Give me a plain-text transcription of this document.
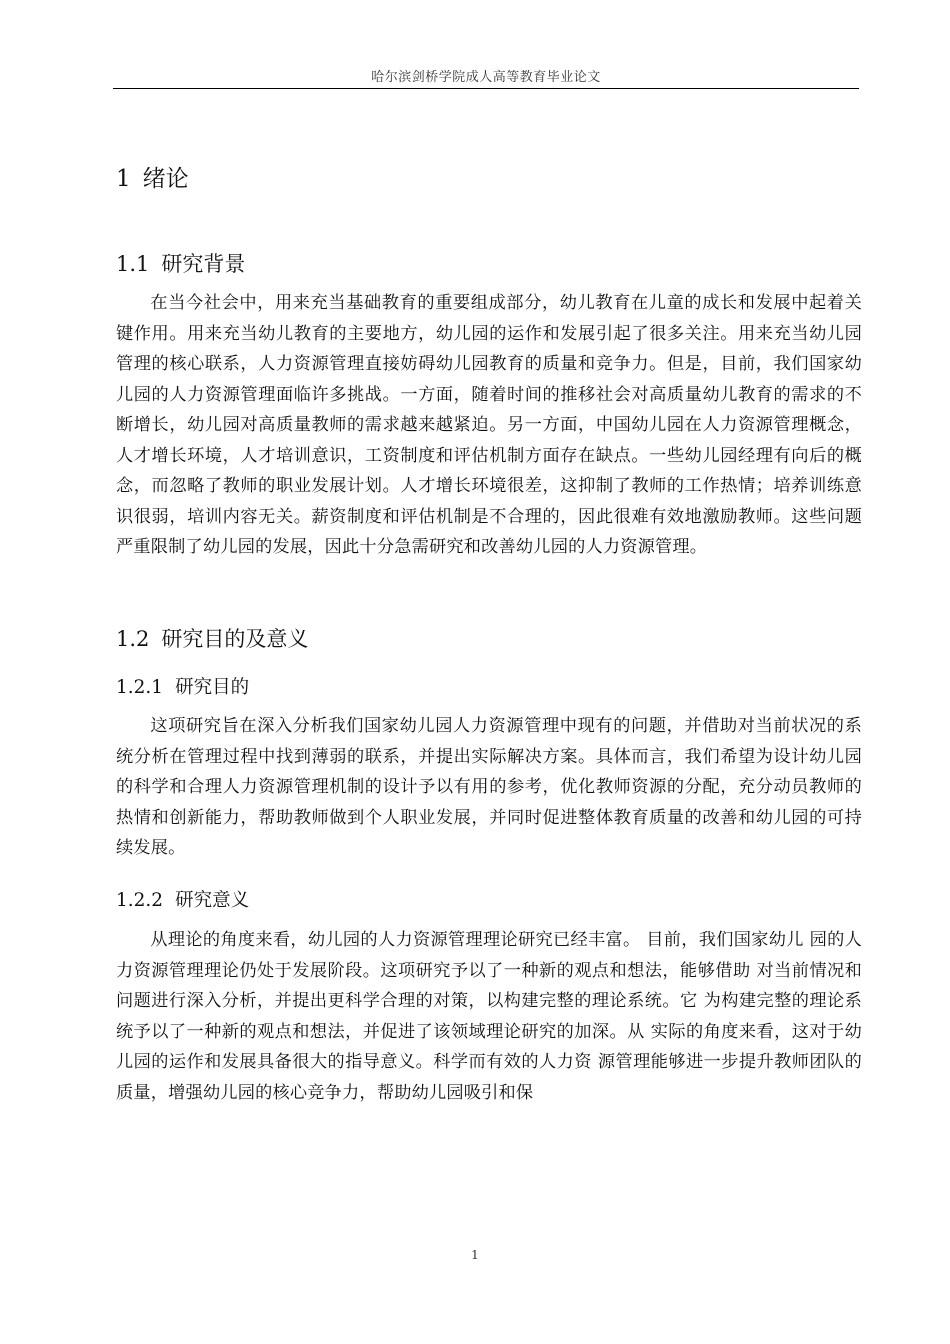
哈尔滨剑桥学院成人高等教育毕业论文
1 绪论
1.1 研究背景
在当今社会中，用来充当基础教育的重要组成部分，幼儿教育在儿童的成长和发展中起着关键作用。用来充当幼儿教育的主要地方，幼儿园的运作和发展引起了很多关注。用来充当幼儿园管理的核心联系，人力资源管理直接妨碍幼儿园教育的质量和竞争力。但是，目前，我们国家幼儿园的人力资源管理面临许多挑战。一方面，随着时间的推移社会对高质量幼儿教育的需求的不断增长，幼儿园对高质量教师的需求越来越紧迫。另一方面，中国幼儿园在人力资源管理概念，人才增长环境，人才培训意识，工资制度和评估机制方面存在缺点。一些幼儿园经理有向后的概念，而忽略了教师的职业发展计划。人才增长环境很差，这抑制了教师的工作热情；培养训练意识很弱，培训内容无关。薪资制度和评估机制是不合理的，因此很难有效地激励教师。这些问题严重限制了幼儿园的发展，因此十分急需研究和改善幼儿园的人力资源管理。
1.2 研究目的及意义
1.2.1 研究目的
这项研究旨在深入分析我们国家幼儿园人力资源管理中现有的问题，并借助对当前状况的系统分析在管理过程中找到薄弱的联系，并提出实际解决方案。具体而言，我们希望为设计幼儿园的科学和合理人力资源管理机制的设计予以有用的参考，优化教师资源的分配，充分动员教师的热情和创新能力，帮助教师做到个人职业发展，并同时促进整体教育质量的改善和幼儿园的可持续发展。
1.2.2 研究意义
从理论的角度来看，幼儿园的人力资源管理理论研究已经丰富。 目前，我们国家幼儿 园的人力资源管理理论仍处于发展阶段。这项研究予以了一种新的观点和想法，能够借助 对当前情况和问题进行深入分析，并提出更科学合理的对策，以构建完整的理论系统。它 为构建完整的理论系统予以了一种新的观点和想法，并促进了该领域理论研究的加深。从 实际的角度来看，这对于幼儿园的运作和发展具备很大的指导意义。科学而有效的人力资 源管理能够进一步提升教师团队的质量，增强幼儿园的核心竞争力，帮助幼儿园吸引和保
1
